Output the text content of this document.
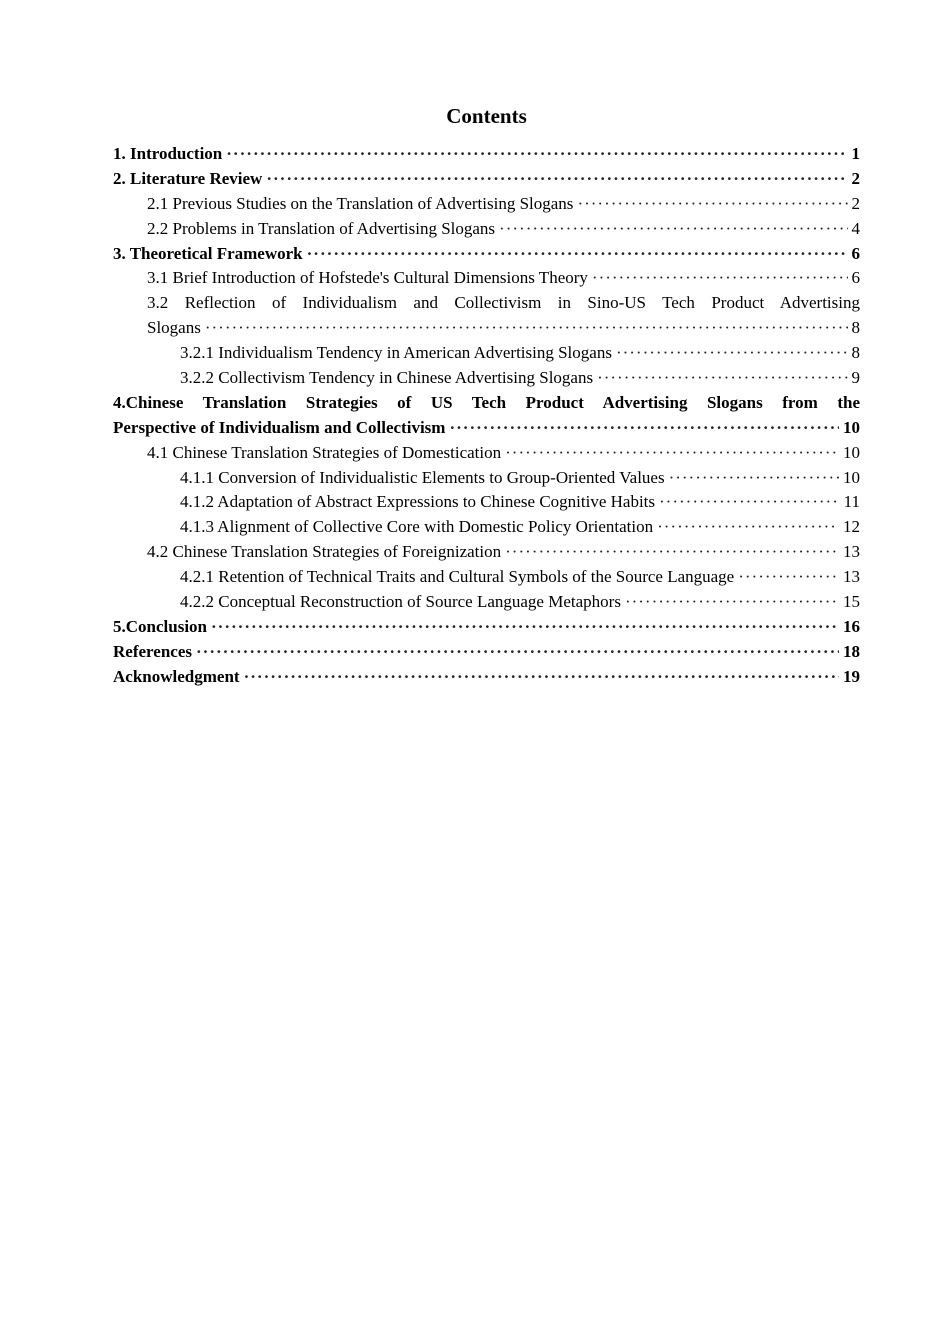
Contents
1. Introduction ·····	1
2. Literature Review ·····	2
2.1 Previous Studies on the Translation of Advertising Slogans ·····	2
2.2 Problems in Translation of Advertising Slogans ·····	4
3. Theoretical Framework ·····	6
3.1 Brief Introduction of Hofstede's Cultural Dimensions Theory ·····	6
3.2 Reflection of Individualism and Collectivism in Sino-US Tech Product Advertising
Slogans ·····	8
3.2.1 Individualism Tendency in American Advertising Slogans ·····	8
3.2.2 Collectivism Tendency in Chinese Advertising Slogans ·····	9
4.Chinese Translation Strategies of US Tech Product Advertising Slogans from the
Perspective of Individualism and Collectivism ·····	10
4.1 Chinese Translation Strategies of Domestication ·····	10
4.1.1 Conversion of Individualistic Elements to Group-Oriented Values ·····	10
4.1.2 Adaptation of Abstract Expressions to Chinese Cognitive Habits ·····	11
4.1.3 Alignment of Collective Core with Domestic Policy Orientation ·····	12
4.2 Chinese Translation Strategies of Foreignization ·····	13
4.2.1 Retention of Technical Traits and Cultural Symbols of the Source Language ·····	13
4.2.2 Conceptual Reconstruction of Source Language Metaphors ·····	15
5.Conclusion ·····	16
References ·····	18
Acknowledgment ·····	19
